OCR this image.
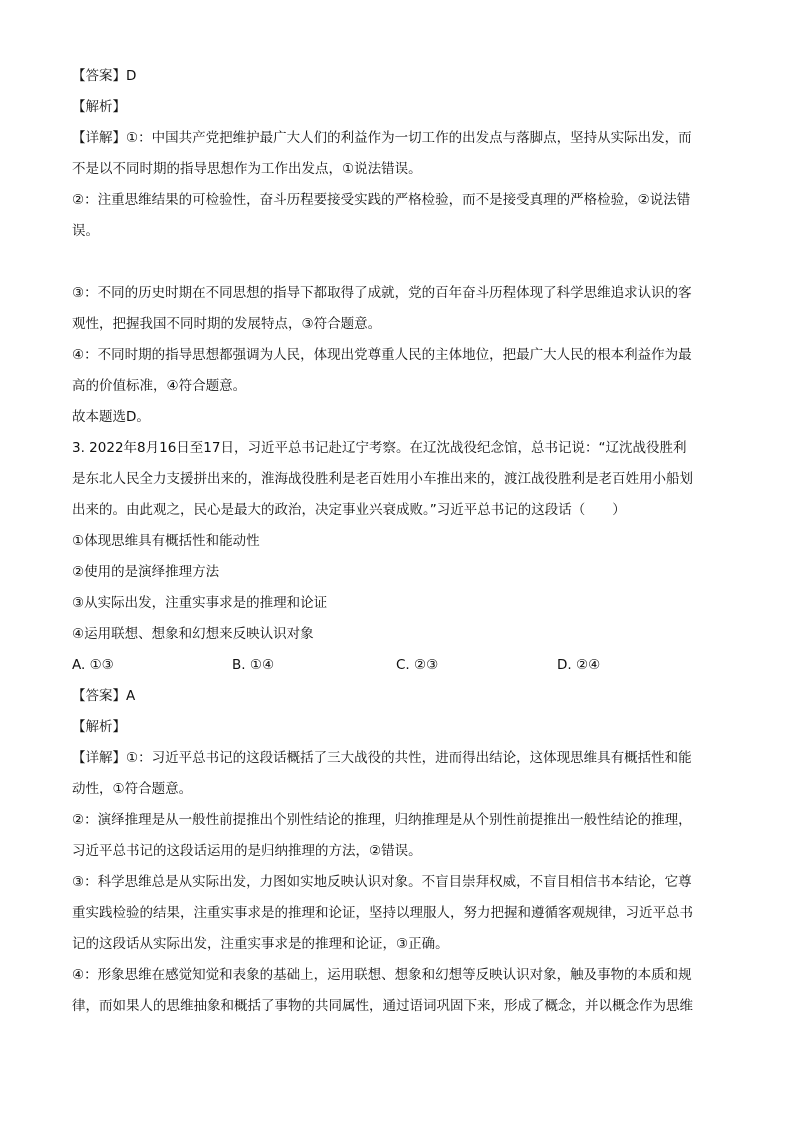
【答案】D
【解析】
【详解】①：中国共产党把维护最广大人们的利益作为一切工作的出发点与落脚点，坚持从实际出发，而
不是以不同时期的指导思想作为工作出发点，①说法错误。
②：注重思维结果的可检验性，奋斗历程要接受实践的严格检验，而不是接受真理的严格检验，②说法错
误。
③：不同的历史时期在不同思想的指导下都取得了成就，党的百年奋斗历程体现了科学思维追求认识的客
观性，把握我国不同时期的发展特点，③符合题意。
④：不同时期的指导思想都强调为人民，体现出党尊重人民的主体地位，把最广大人民的根本利益作为最
高的价值标准，④符合题意。
故本题选D。
3. 2022年8月16日至17日，习近平总书记赴辽宁考察。在辽沈战役纪念馆，总书记说：“辽沈战役胜利
是东北人民全力支援拼出来的，淮海战役胜利是老百姓用小车推出来的，渡江战役胜利是老百姓用小船划
出来的。由此观之，民心是最大的政治，决定事业兴衰成败。”习近平总书记的这段话（　　）
①体现思维具有概括性和能动性
②使用的是演绎推理方法
③从实际出发，注重实事求是的推理和论证
④运用联想、想象和幻想来反映认识对象
A. ①③	B. ①④	C. ②③	D. ②④
【答案】A
【解析】
【详解】①：习近平总书记的这段话概括了三大战役的共性，进而得出结论，这体现思维具有概括性和能
动性，①符合题意。
②：演绎推理是从一般性前提推出个别性结论的推理，归纳推理是从个别性前提推出一般性结论的推理，
习近平总书记的这段话运用的是归纳推理的方法，②错误。
③：科学思维总是从实际出发，力图如实地反映认识对象。不盲目崇拜权威，不盲目相信书本结论，它尊
重实践检验的结果，注重实事求是的推理和论证，坚持以理服人，努力把握和遵循客观规律，习近平总书
记的这段话从实际出发，注重实事求是的推理和论证，③正确。
④：形象思维在感觉知觉和表象的基础上，运用联想、想象和幻想等反映认识对象，触及事物的本质和规
律，而如果人的思维抽象和概括了事物的共同属性，通过语词巩固下来，形成了概念，并以概念作为思维
